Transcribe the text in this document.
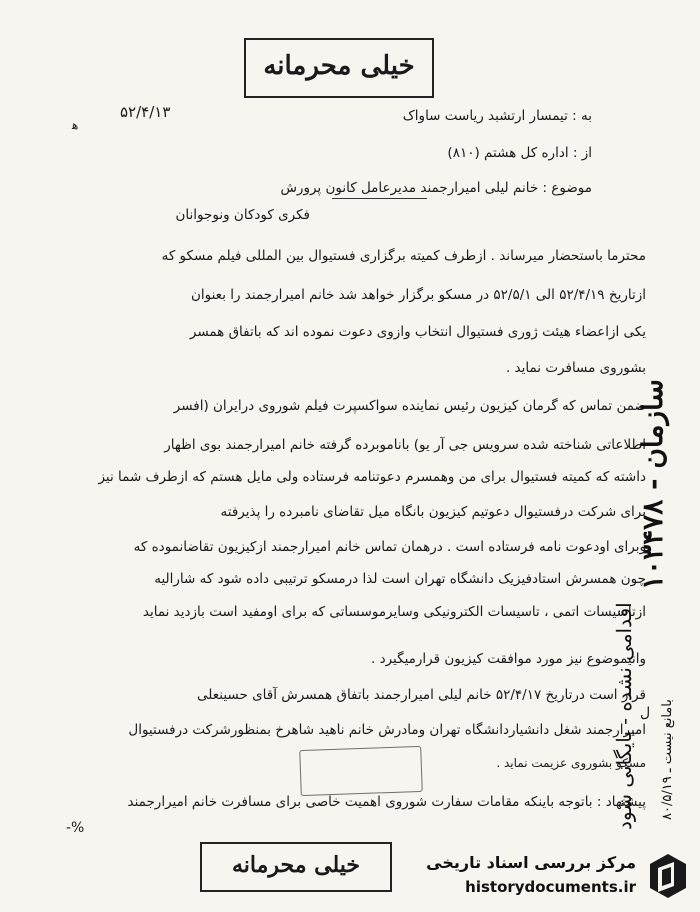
خیلی محرمانه
۵۲/۴/۱۳
ﻫ
به : تیمسار ارتشبد ریاست ساواک
از : اداره کل هشتم (۸۱۰)
موضوع : خانم لیلی امیرارجمند مدیرعامل کانون پرورش
فکری کودکان ونوجوانان
محترما باستحضار میرساند . ازطرف کمیته برگزاری فستیوال بین المللی فیلم مسکو که
ازتاریخ ۵۲/۴/۱۹ الی ۵۲/۵/۱ در مسکو برگزار خواهد شد خانم امیرارجمند را بعنوان
یکی ازاعضاء هیئت ژوری فستیوال انتخاب وازوی دعوت نموده اند که باتفاق همسر
بشوروی مسافرت نماید .
ضمن تماس که گرمان کیزیون رئیس نماینده سواکسپرت فیلم شوروی درایران (افسر
اطلاعاتی شناخته شده سرویس جی آر یو) باناموبرده گرفته خانم امیرارجمند بوی اظهار
داشته که کمیته فستیوال برای من وهمسرم دعوتنامه فرستاده ولی مایل هستم که ازطرف شما نیز
برای شرکت درفستیوال دعوتیم کیزیون بانگاه میل تقاضای نامبرده را پذیرفته
وبرای اودعوت نامه فرستاده است . درهمان تماس خانم امیرارجمند ازکیزیون تقاضانموده که
چون همسرش استادفیزیک دانشگاه تهران است لذا درمسکو ترتیبی داده شود که شارالیه
ازتاسیسات اتمی ، تاسیسات الکترونیکی وسایرموسساتی که برای اومفید است بازدید نماید
وانیموضوع نیز مورد موافقت کیزیون قرارمیگیرد .
قرار است درتاریخ ۵۲/۴/۱۷ خانم لیلی امیرارجمند باتفاق همسرش آقای حسینعلی
امیرارجمند شغل دانشیاردانشگاه تهران ومادرش خانم ناهید شاهرخ بمنظورشرکت درفستیوال
مسکو بشوروی عزیمت نماید .
پیشنهاد : باتوجه باینکه مقامات سفارت شوروی اهمیت خاصی برای مسافرت خانم امیرارجمند
ل
-%
۱۰۳۴۷۸ - سازمان
اقدامی نشده - بایگانی شود بامانع نیست ـ ۸۰/۵/۱۹
خیلی محرمانه	مرکز بررسی اسناد تاریخی
historydocuments.ir
